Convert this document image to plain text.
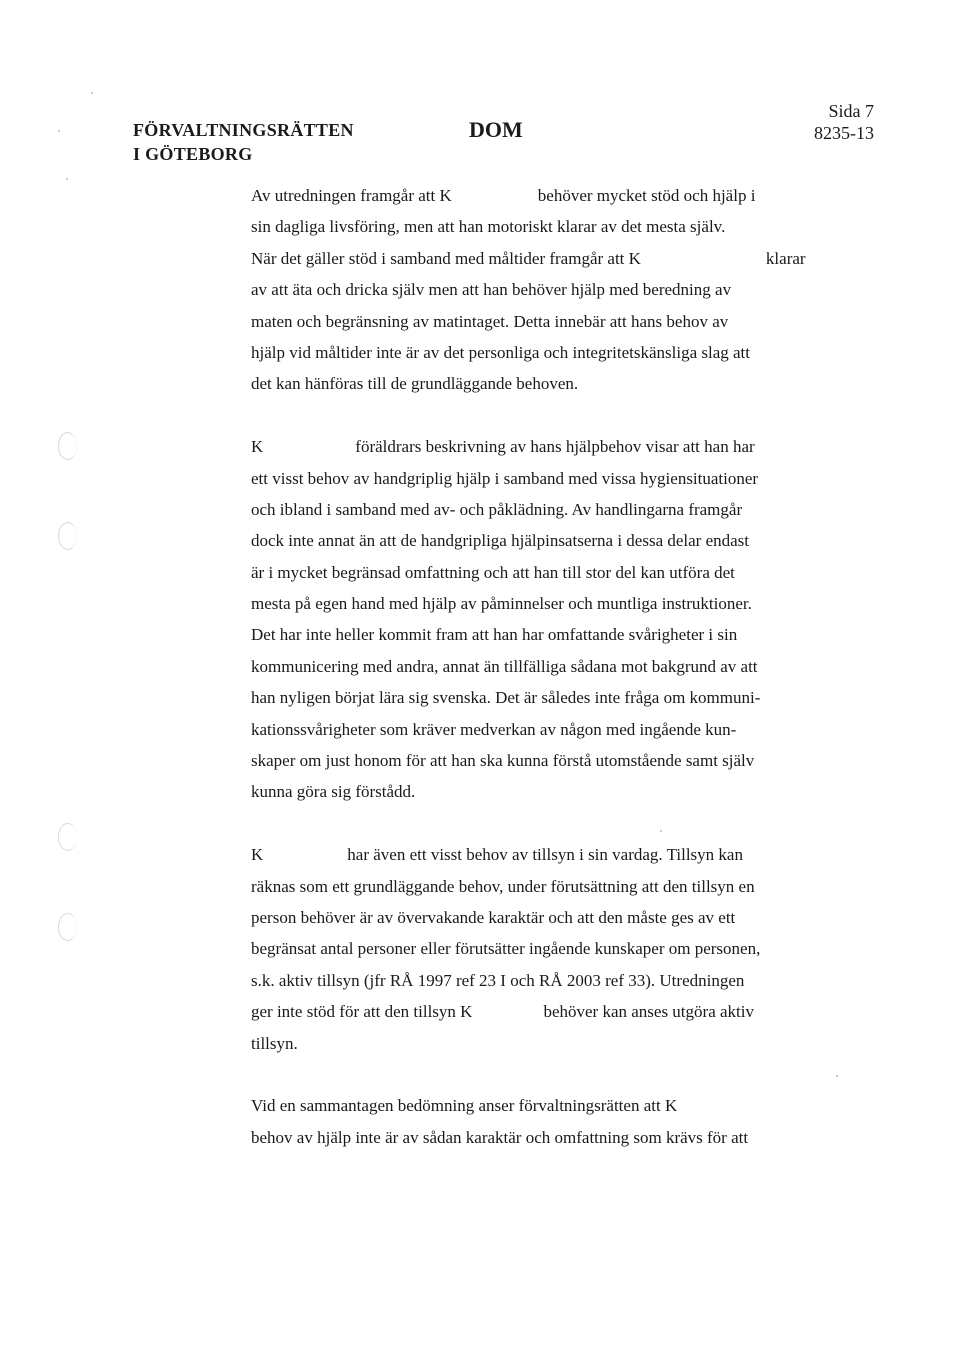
FÖRVALTNINGSRÄTTEN
I GÖTEBORG
DOM
Sida 7
8235-13
Av utredningen framgår att K	behöver mycket stöd och hjälp i
sin dagliga livsföring, men att han motoriskt klarar av det mesta själv.
När det gäller stöd i samband med måltider framgår att K	klarar
av att äta och dricka själv men att han behöver hjälp med beredning av
maten och begränsning av matintaget. Detta innebär att hans behov av
hjälp vid måltider inte är av det personliga och integritetskänsliga slag att
det kan hänföras till de grundläggande behoven.
K	föräldrars beskrivning av hans hjälpbehov visar att han har
ett visst behov av handgriplig hjälp i samband med vissa hygiensituationer
och ibland i samband med av- och påklädning. Av handlingarna framgår
dock inte annat än att de handgripliga hjälpinsatserna i dessa delar endast
är i mycket begränsad omfattning och att han till stor del kan utföra det
mesta på egen hand med hjälp av påminnelser och muntliga instruktioner.
Det har inte heller kommit fram att han har omfattande svårigheter i sin
kommunicering med andra, annat än tillfälliga sådana mot bakgrund av att
han nyligen börjat lära sig svenska. Det är således inte fråga om kommuni-
kationssvårigheter som kräver medverkan av någon med ingående kun-
skaper om just honom för att han ska kunna förstå utomstående samt själv
kunna göra sig förstådd.
K	har även ett visst behov av tillsyn i sin vardag. Tillsyn kan
räknas som ett grundläggande behov, under förutsättning att den tillsyn en
person behöver är av övervakande karaktär och att den måste ges av ett
begränsat antal personer eller förutsätter ingående kunskaper om personen,
s.k. aktiv tillsyn (jfr RÅ 1997 ref 23 I och RÅ 2003 ref 33). Utredningen
ger inte stöd för att den tillsyn K	behöver kan anses utgöra aktiv
tillsyn.
Vid en sammantagen bedömning anser förvaltningsrätten att K
behov av hjälp inte är av sådan karaktär och omfattning som krävs för att
